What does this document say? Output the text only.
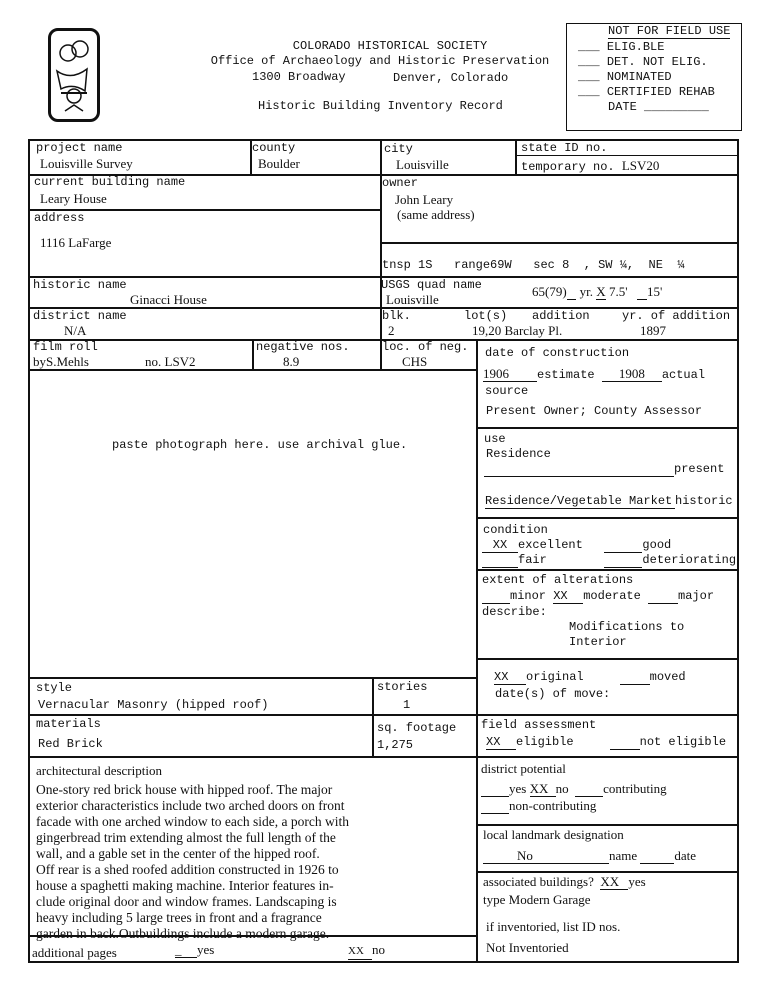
COLORADO HISTORICAL SOCIETY
Office of Archaeology and Historic Preservation
1300 Broadway	Denver, Colorado
Historic Building Inventory Record
NOT FOR FIELD USE
___ ELIG.BLE
___ DET. NOT ELIG.
___ NOMINATED
___ CERTIFIED REHAB
DATE _________
project name
Louisville Survey
county
Boulder
city
Louisville
state ID no.
temporary no. LSV20
current building name
Leary House
owner
John Leary
(same address)
address
1116 LaFarge
tnsp 1S range69W sec 8 , SW ¼, NE ¼
historic name
Ginacci House
USGS quad name
Louisville
65(79) yr. X 7.5' 15'
district name
N/A
blk.
2
lot(s) addition	yr. of addition
19,20 Barclay Pl.	1897
film roll
byS.Mehls	no. LSV2
negative nos.
8.9
loc. of neg.
CHS
paste photograph here. use archival glue.
date of construction
1906 estimate 1908 actual
source
Present Owner; County Assessor
use
Residence
present
Residence/Vegetable Market historic
condition
XX excellent	good
fair	deteriorating
extent of alterations
minor XX moderate	major
describe:
Modifications to
Interior
XX original	moved
date(s) of move:
style
Vernacular Masonry (hipped roof)
stories
1
materials
Red Brick
sq. footage
1,275
field assessment
XX eligible	not eligible
architectural description
One-story red brick house with hipped roof. The major
exterior characteristics include two arched doors on front
facade with one arched window to each side, a porch with
gingerbread trim extending almost the full length of the
wall, and a gable set in the center of the hipped roof.
Off rear is a shed roofed addition constructed in 1926 to
house a spaghetti making machine. Interior features in-
clude original door and window frames. Landscaping is
heavy including 5 large trees in front and a fragrance
garden in back.Outbuildings include a modern garage.
additional pages	_ yes	XX no
district potential
yes XX no	contributing
non-contributing
local landmark designation
No	name	date
associated buildings? XX yes
type Modern Garage
if inventoried, list ID nos.
Not Inventoried
